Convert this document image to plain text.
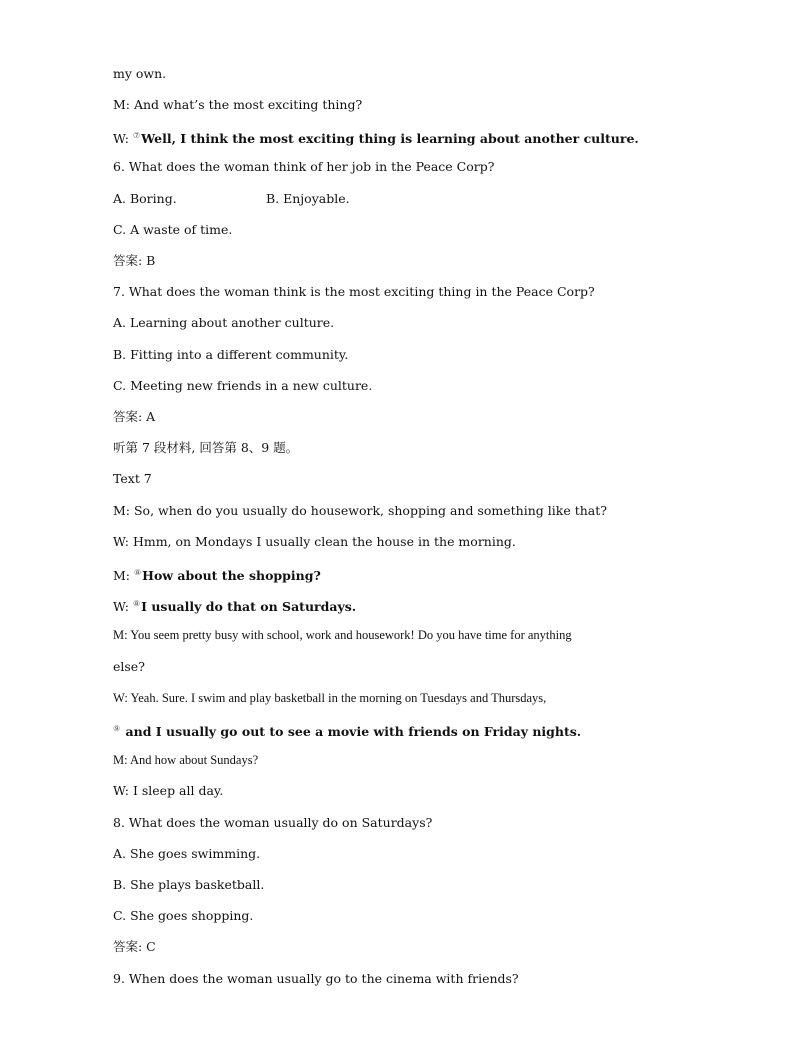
my own.
M: And what’s the most exciting thing?
W: ⑦Well, I think the most exciting thing is learning about another culture.
6. What does the woman think of her job in the Peace Corp?
A. Boring.	B. Enjoyable.
C. A waste of time.
答案: B
7. What does the woman think is the most exciting thing in the Peace Corp?
A. Learning about another culture.
B. Fitting into a different community.
C. Meeting new friends in a new culture.
答案: A
听第 7 段材料, 回答第 8、9 题。
Text 7
M: So, when do you usually do housework, shopping and something like that?
W: Hmm, on Mondays I usually clean the house in the morning.
M: ⑧How about the shopping?
W: ⑧I usually do that on Saturdays.
M: You seem pretty busy with school, work and housework! Do you have time for anything
else?
W: Yeah. Sure. I swim and play basketball in the morning on Tuesdays and Thursdays,
⑨ and I usually go out to see a movie with friends on Friday nights.
M: And how about Sundays?
W: I sleep all day.
8. What does the woman usually do on Saturdays?
A. She goes swimming.
B. She plays basketball.
C. She goes shopping.
答案: C
9. When does the woman usually go to the cinema with friends?
